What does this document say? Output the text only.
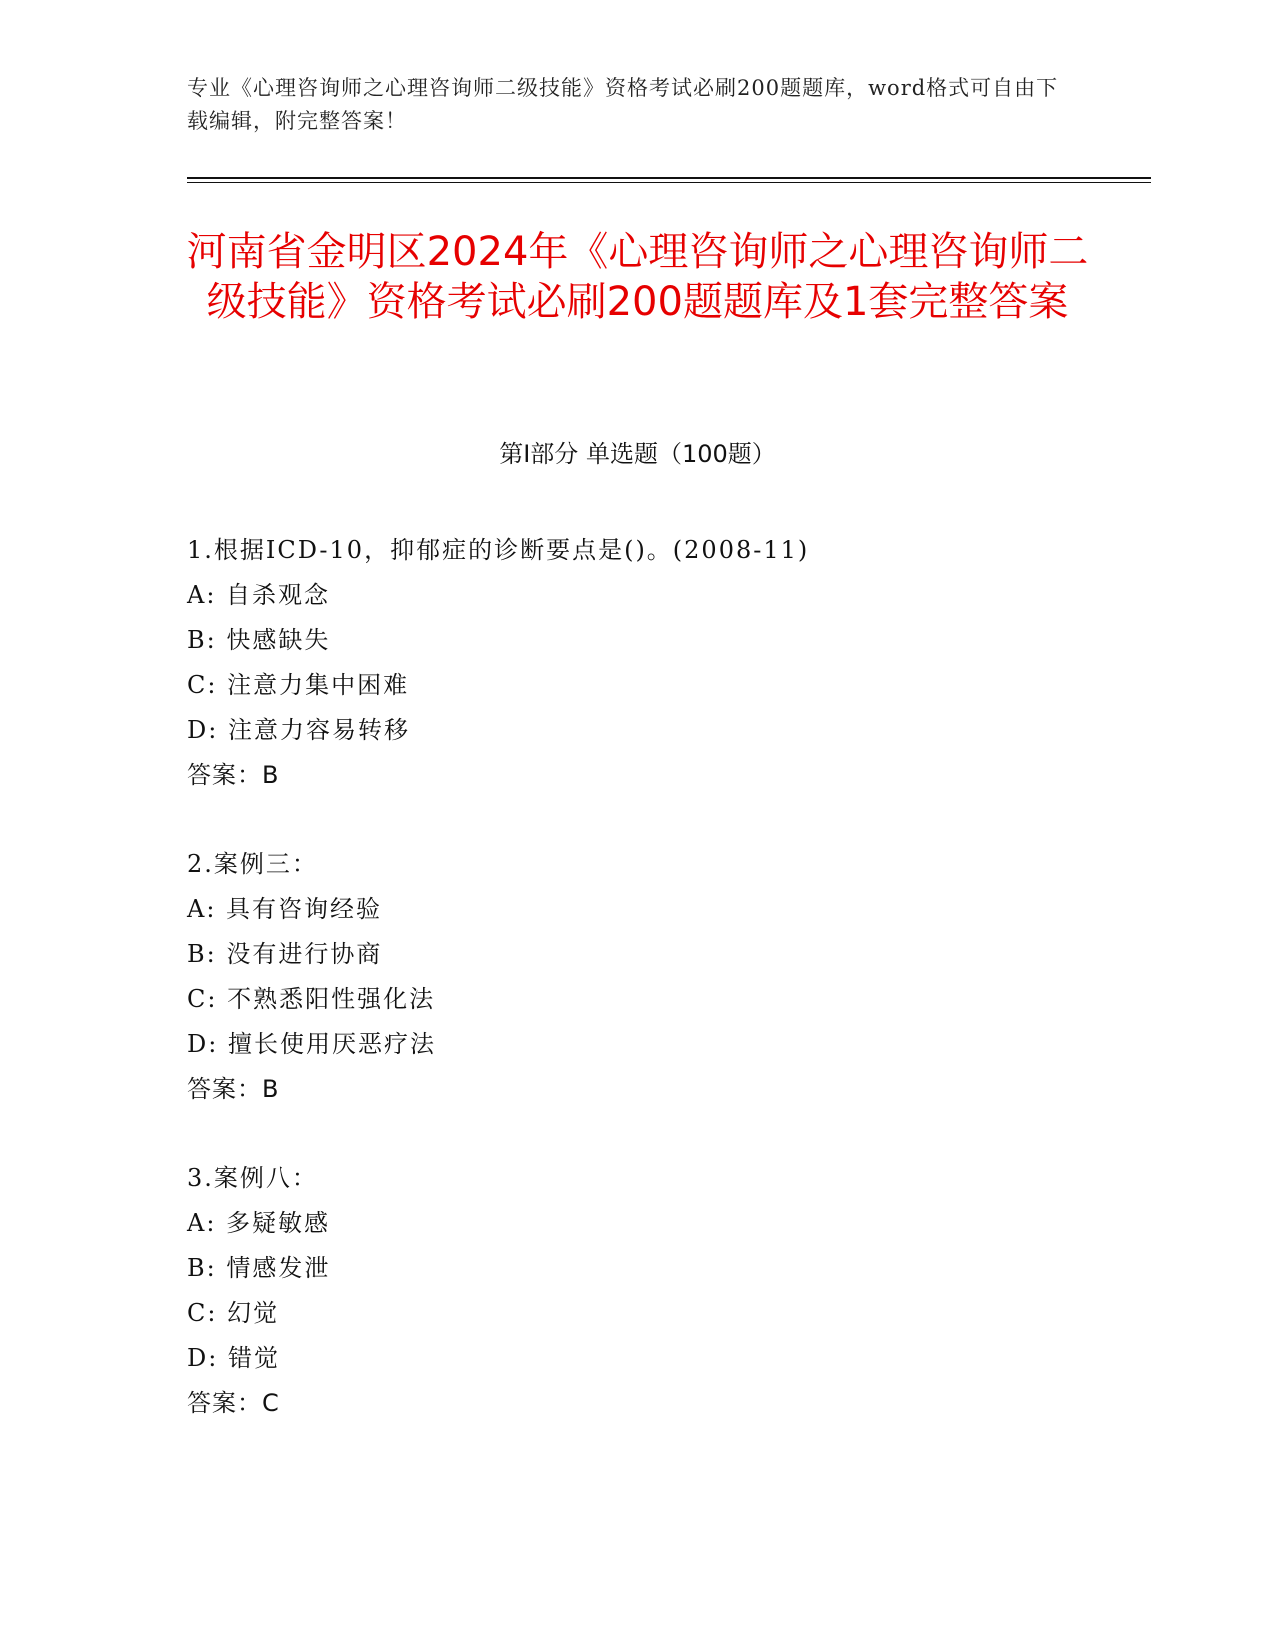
专业《心理咨询师之心理咨询师二级技能》资格考试必刷200题题库，word格式可自由下载编辑，附完整答案！
河南省金明区2024年《心理咨询师之心理咨询师二级技能》资格考试必刷200题题库及1套完整答案
第I部分 单选题（100题）
1.根据ICD-10，抑郁症的诊断要点是()。(2008-11)
A: 自杀观念
B: 快感缺失
C: 注意力集中困难
D: 注意力容易转移
答案：B
2.案例三：
A: 具有咨询经验
B: 没有进行协商
C: 不熟悉阳性强化法
D: 擅长使用厌恶疗法
答案：B
3.案例八：
A: 多疑敏感
B: 情感发泄
C: 幻觉
D: 错觉
答案：C
